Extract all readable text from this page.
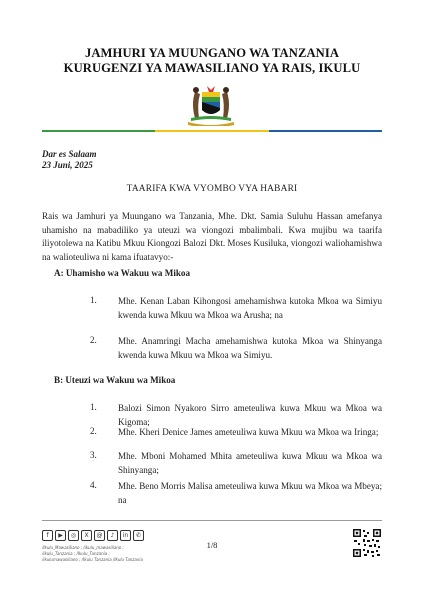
JAMHURI YA MUUNGANO WA TANZANIA
KURUGENZI YA MAWASILIANO YA RAIS, IKULU
Dar es Salaam
23 Juni, 2025
TAARIFA KWA VYOMBO VYA HABARI
Rais wa Jamhuri ya Muungano wa Tanzania, Mhe. Dkt. Samia Suluhu Hassan amefanya uhamisho na mabadiliko ya uteuzi wa viongozi mbalimbali. Kwa mujibu wa taarifa iliyotolewa na Katibu Mkuu Kiongozi Balozi Dkt. Moses Kusiluka, viongozi waliohamishwa na walioteuliwa ni kama ifuatavyo:-
A: Uhamisho wa Wakuu wa Mikoa
1.	Mhe. Kenan Laban Kihongosi amehamishwa kutoka Mkoa wa Simiyu kwenda kuwa Mkuu wa Mkoa wa Arusha; na
2.	Mhe. Anamringi Macha amehamishwa kutoka Mkoa wa Shinyanga kwenda kuwa Mkuu wa Mkoa wa Simiyu.
B: Uteuzi wa Wakuu wa Mikoa
1.	Balozi Simon Nyakoro Sirro ameteuliwa kuwa Mkuu wa Mkoa wa Kigoma;
2.	Mhe. Kheri Denice James ameteuliwa kuwa Mkuu wa Mkoa wa Iringa;
3.	Mhe. Mboni Mohamed Mhita ameteuliwa kuwa Mkuu wa Mkoa wa Shinyanga;
4.	Mhe. Beno Morris Malisa ameteuliwa kuwa Mkuu wa Mkoa wa Mbeya; na
f	▶	◎	X	@	♪	in	✆
/Ikulu_Mawasiliano ; /ikulu_mawasiliano ;
/ikulu_Tanzania ; /Ikulu_Tanzania ;
/ikulumawasiliano ; /Ikulu Tanzania /Ikulu Tanzania
1/8
